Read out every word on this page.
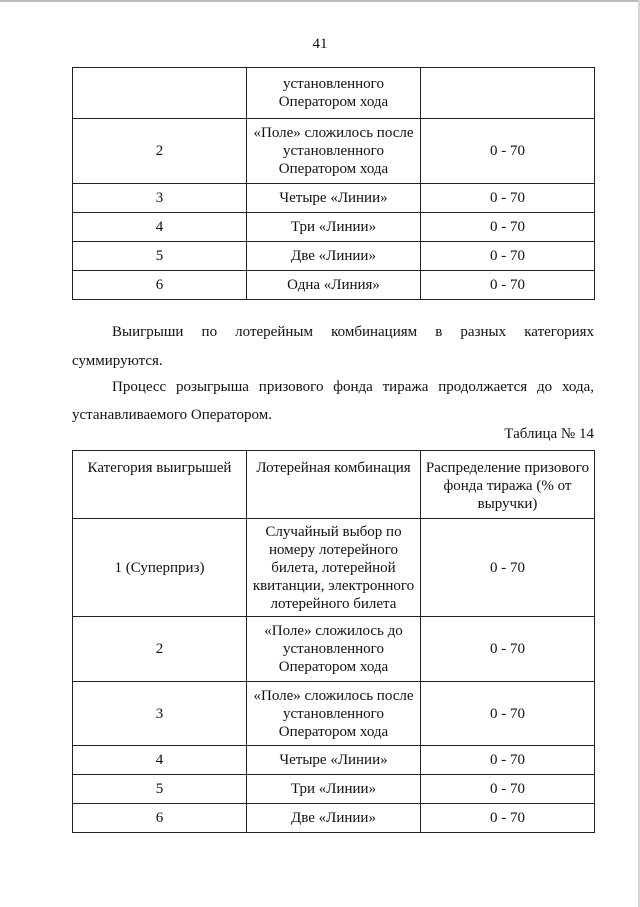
41
	установленного
Оператором хода	
2	«Поле» сложилось после
установленного
Оператором хода	0 - 70
3	Четыре «Линии»	0 - 70
4	Три «Линии»	0 - 70
5	Две «Линии»	0 - 70
6	Одна «Линия»	0 - 70
Выигрыши по лотерейным комбинациям в разных категориях
суммируются.
Процесс розыгрыша призового фонда тиража продолжается до хода,
устанавливаемого Оператором.
Таблица № 14
Категория выигрышей	Лотерейная комбинация	Распределение призового
фонда тиража (% от
выручки)
1 (Суперприз)	Случайный выбор по
номеру лотерейного
билета, лотерейной
квитанции, электронного
лотерейного билета	0 - 70
2	«Поле» сложилось до
установленного
Оператором хода	0 - 70
3	«Поле» сложилось после
установленного
Оператором хода	0 - 70
4	Четыре «Линии»	0 - 70
5	Три «Линии»	0 - 70
6	Две «Линии»	0 - 70
